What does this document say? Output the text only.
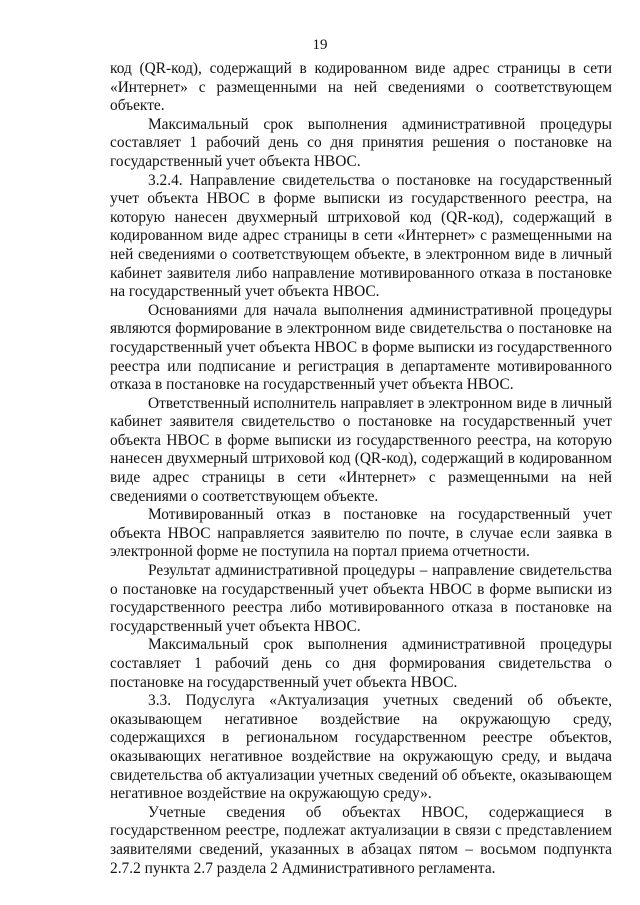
19

код (QR-код), содержащий в кодированном виде адрес страницы в сети «Интернет» с размещенными на ней сведениями о соответствующем объекте.

Максимальный срок выполнения административной процедуры составляет 1 рабочий день со дня принятия решения о постановке на государственный учет объекта НВОС.

3.2.4. Направление свидетельства о постановке на государственный учет объекта НВОС в форме выписки из государственного реестра, на которую нанесен двухмерный штриховой код (QR-код), содержащий в кодированном виде адрес страницы в сети «Интернет» с размещенными на ней сведениями о соответствующем объекте, в электронном виде в личный кабинет заявителя либо направление мотивированного отказа в постановке на государственный учет объекта НВОС.

Основаниями для начала выполнения административной процедуры являются формирование в электронном виде свидетельства о постановке на государственный учет объекта НВОС в форме выписки из государственного реестра или подписание и регистрация в департаменте мотивированного отказа в постановке на государственный учет объекта НВОС.

Ответственный исполнитель направляет в электронном виде в личный кабинет заявителя свидетельство о постановке на государственный учет объекта НВОС в форме выписки из государственного реестра, на которую нанесен двухмерный штриховой код (QR-код), содержащий в кодированном виде адрес страницы в сети «Интернет» с размещенными на ней сведениями о соответствующем объекте.

Мотивированный отказ в постановке на государственный учет объекта НВОС направляется заявителю по почте, в случае если заявка в электронной форме не поступила на портал приема отчетности.

Результат административной процедуры – направление свидетельства о постановке на государственный учет объекта НВОС в форме выписки из государственного реестра либо мотивированного отказа в постановке на государственный учет объекта НВОС.

Максимальный срок выполнения административной процедуры составляет 1 рабочий день со дня формирования свидетельства о постановке на государственный учет объекта НВОС.

3.3. Подуслуга «Актуализация учетных сведений об объекте, оказывающем негативное воздействие на окружающую среду, содержащихся в региональном государственном реестре объектов, оказывающих негативное воздействие на окружающую среду, и выдача свидетельства об актуализации учетных сведений об объекте, оказывающем негативное воздействие на окружающую среду».

Учетные сведения об объектах НВОС, содержащиеся в государственном реестре, подлежат актуализации в связи с представлением заявителями сведений, указанных в абзацах пятом – восьмом подпункта 2.7.2 пункта 2.7 раздела 2 Административного регламента.
